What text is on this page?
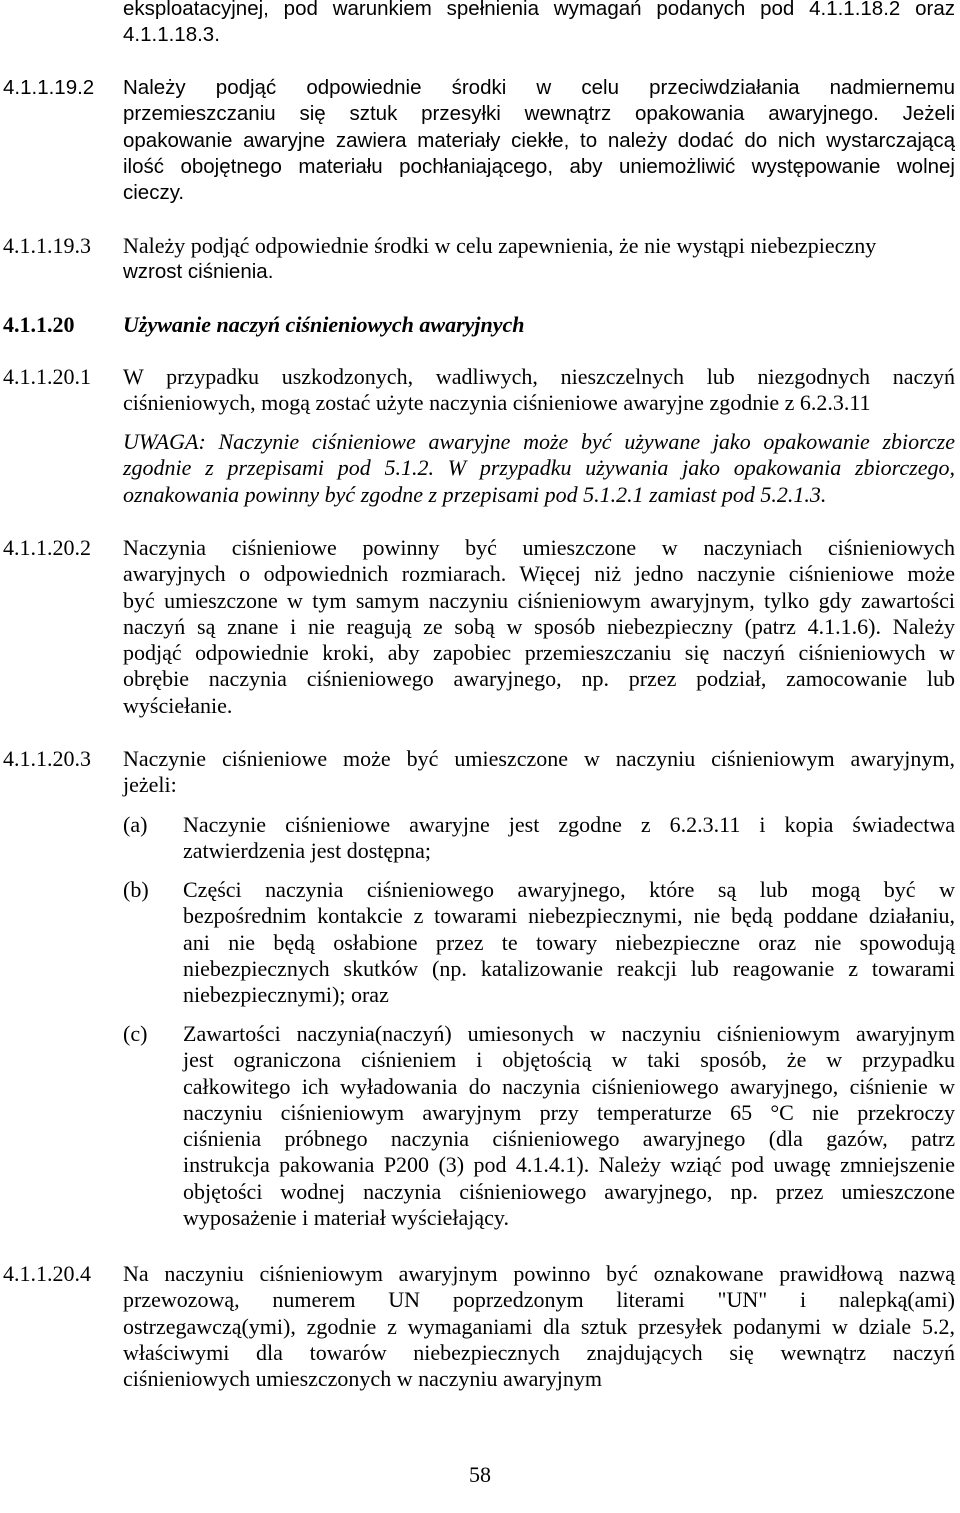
eksploatacyjnej, pod warunkiem spełnienia wymagań podanych pod 4.1.1.18.2 oraz
4.1.1.18.3.
4.1.1.19.2 Należy podjąć odpowiednie środki w celu przeciwdziałania nadmiernemu
przemieszczaniu się sztuk przesyłki wewnątrz opakowania awaryjnego. Jeżeli
opakowanie awaryjne zawiera materiały ciekłe, to należy dodać do nich wystarczającą
ilość obojętnego materiału pochłaniającego, aby uniemożliwić występowanie wolnej
cieczy.
4.1.1.19.3 Należy podjąć odpowiednie środki w celu zapewnienia, że nie wystąpi niebezpieczny
wzrost ciśnienia.
4.1.1.20 Używanie naczyń ciśnieniowych awaryjnych
4.1.1.20.1 W przypadku uszkodzonych, wadliwych, nieszczelnych lub niezgodnych naczyń
ciśnieniowych, mogą zostać użyte naczynia ciśnieniowe awaryjne zgodnie z 6.2.3.11
UWAGA: Naczynie ciśnieniowe awaryjne może być używane jako opakowanie zbiorcze
zgodnie z przepisami pod 5.1.2. W przypadku używania jako opakowania zbiorczego,
oznakowania powinny być zgodne z przepisami pod 5.1.2.1 zamiast pod 5.2.1.3.
4.1.1.20.2 Naczynia ciśnieniowe powinny być umieszczone w naczyniach ciśnieniowych
awaryjnych o odpowiednich rozmiarach. Więcej niż jedno naczynie ciśnieniowe może
być umieszczone w tym samym naczyniu ciśnieniowym awaryjnym, tylko gdy zawartości
naczyń są znane i nie reagują ze sobą w sposób niebezpieczny (patrz 4.1.1.6). Należy
podjąć odpowiednie kroki, aby zapobiec przemieszczaniu się naczyń ciśnieniowych w
obrębie naczynia ciśnieniowego awaryjnego, np. przez podział, zamocowanie lub
wyściełanie.
4.1.1.20.3 Naczynie ciśnieniowe może być umieszczone w naczyniu ciśnieniowym awaryjnym,
jeżeli:
(a) Naczynie ciśnieniowe awaryjne jest zgodne z 6.2.3.11 i kopia świadectwa
zatwierdzenia jest dostępna;
(b) Części naczynia ciśnieniowego awaryjnego, które są lub mogą być w
bezpośrednim kontakcie z towarami niebezpiecznymi, nie będą poddane działaniu,
ani nie będą osłabione przez te towary niebezpieczne oraz nie spowodują
niebezpiecznych skutków (np. katalizowanie reakcji lub reagowanie z towarami
niebezpiecznymi); oraz
(c) Zawartości naczynia(naczyń) umiesonych w naczyniu ciśnieniowym awaryjnym
jest ograniczona ciśnieniem i objętością w taki sposób, że w przypadku
całkowitego ich wyładowania do naczynia ciśnieniowego awaryjnego, ciśnienie w
naczyniu ciśnieniowym awaryjnym przy temperaturze 65 °C nie przekroczy
ciśnienia próbnego naczynia ciśnieniowego awaryjnego (dla gazów, patrz
instrukcja pakowania P200 (3) pod 4.1.4.1). Należy wziąć pod uwagę zmniejszenie
objętości wodnej naczynia ciśnieniowego awaryjnego, np. przez umieszczone
wyposażenie i materiał wyściełający.
4.1.1.20.4 Na naczyniu ciśnieniowym awaryjnym powinno być oznakowane prawidłową nazwą
przewozową, numerem UN poprzedzonym literami "UN" i nalepką(ami)
ostrzegawczą(ymi), zgodnie z wymaganiami dla sztuk przesyłek podanymi w dziale 5.2,
właściwymi dla towarów niebezpiecznych znajdujących się wewnątrz naczyń
ciśnieniowych umieszczonych w naczyniu awaryjnym
58
